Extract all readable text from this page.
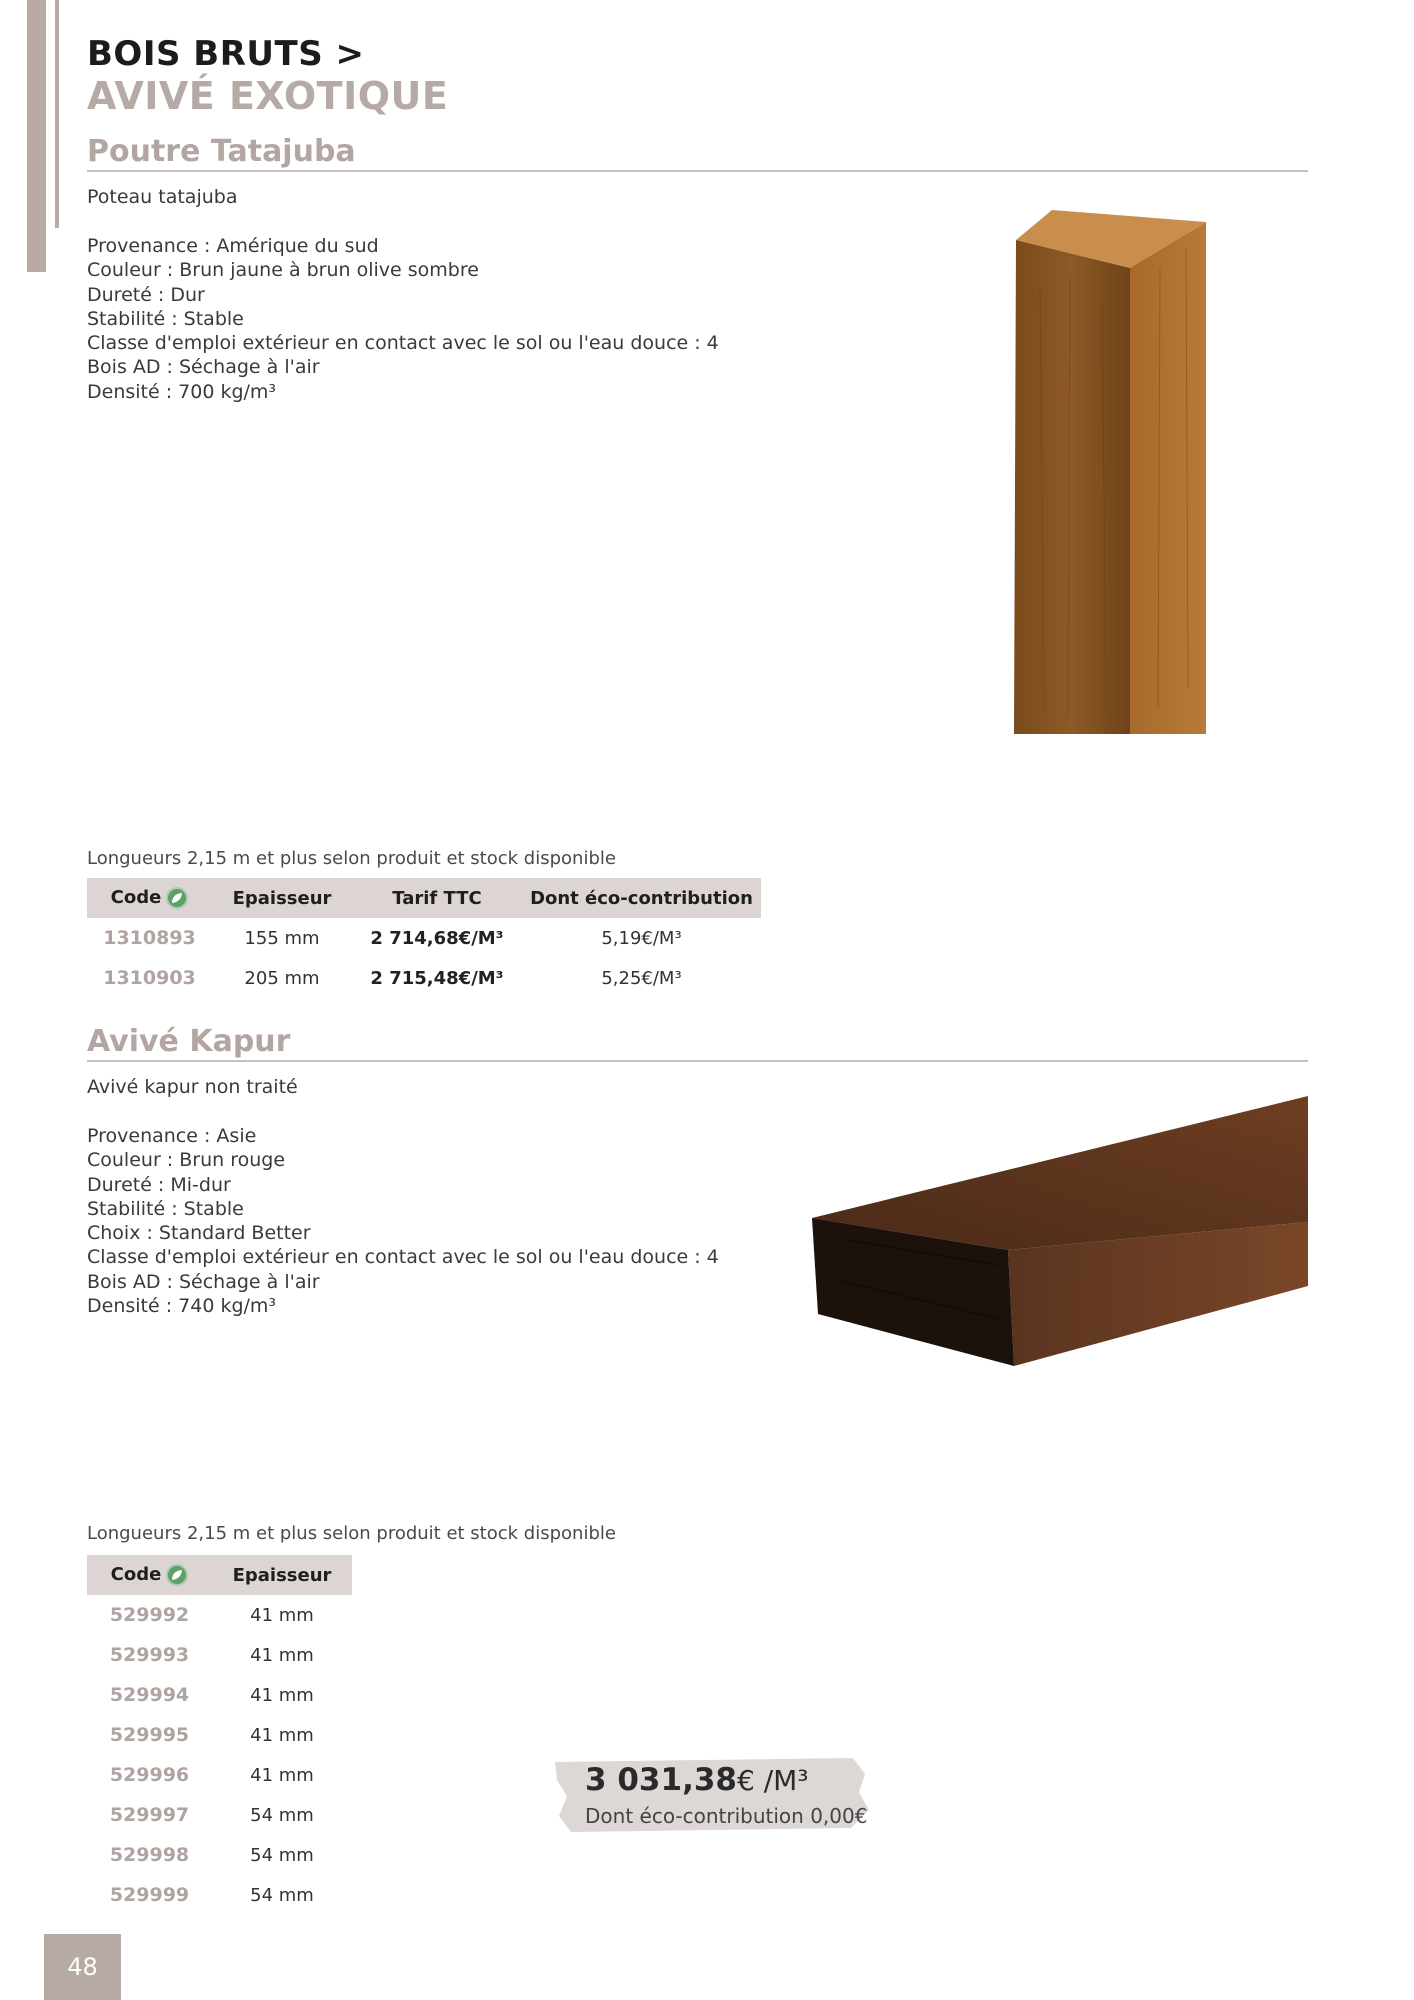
BOIS BRUTS >
AVIVÉ EXOTIQUE
Poutre Tatajuba
Poteau tatajuba
Provenance : Amérique du sud
Couleur : Brun jaune à brun olive sombre
Dureté : Dur
Stabilité : Stable
Classe d'emploi extérieur en contact avec le sol ou l'eau douce : 4
Bois AD : Séchage à l'air
Densité : 700 kg/m³
Longueurs 2,15 m et plus selon produit et stock disponible
Code	Epaisseur	Tarif TTC	Dont éco-contribution
1310893	155 mm	2 714,68€/M³	5,19€/M³
1310903	205 mm	2 715,48€/M³	5,25€/M³
Avivé Kapur
Avivé kapur non traité
Provenance : Asie
Couleur : Brun rouge
Dureté : Mi-dur
Stabilité : Stable
Choix : Standard Better
Classe d'emploi extérieur en contact avec le sol ou l'eau douce : 4
Bois AD : Séchage à l'air
Densité : 740 kg/m³
Longueurs 2,15 m et plus selon produit et stock disponible
Code	Epaisseur
529992	41 mm
529993	41 mm
529994	41 mm
529995	41 mm
529996	41 mm
529997	54 mm
529998	54 mm
529999	54 mm
3 031,38€ /M³
Dont éco-contribution 0,00€
48
